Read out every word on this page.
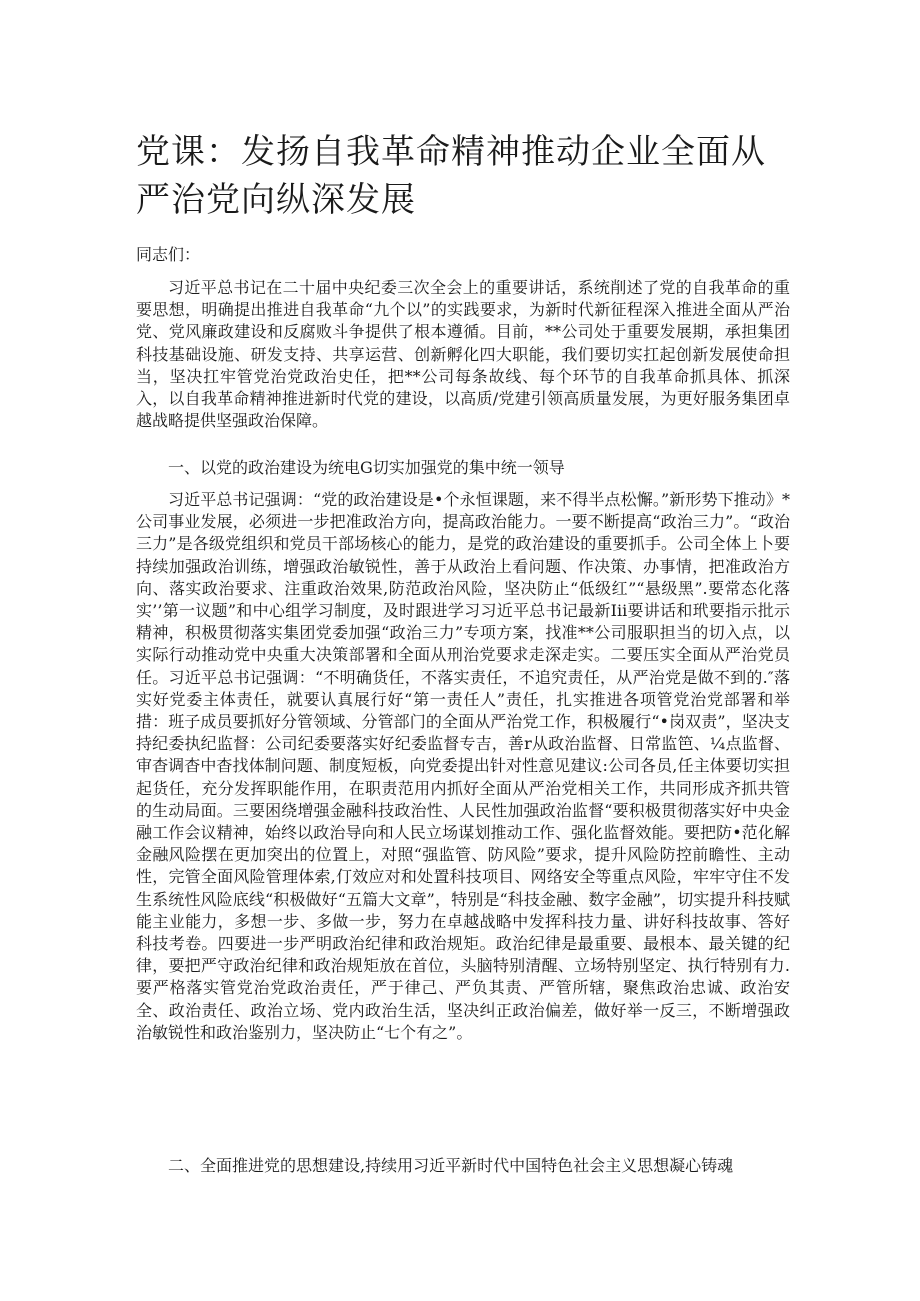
党课：发扬自我革命精神推动企业全面从严治党向纵深发展

同志们：

习近平总书记在二十届中央纪委三次全会上的重要讲话，系统削述了党的自我革命的重要思想，明确提出推进自我革命“九个以”的实践要求，为新时代新征程深入推进全面从严治党、党风廉政建设和反腐败斗争提供了根本遵循。目前，**公司处于重要发展期，承担集团科技基础设施、研发支持、共享运营、创新孵化四大职能，我们要切实扛起创新发展使命担当，坚决扛牢管党治党政治史任，把**公司每条故线、每个环节的自我革命抓具体、抓深入，以自我革命精神推进新时代党的建设，以高质/党建引领高质量发展，为更好服务集团卓越战略提供坚强政治保障。

一、以党的政治建设为统电G切实加强党的集中统一领导

习近平总书记强调：“党的政治建设是•个永恒课题，来不得半点松懈。”新形势下推动》*公司事业发展，必须进一步把准政治方向，提高政治能力。一要不断提高“政治三力”。“政治三力”是各级党组织和党员干部场核心的能力，是党的政治建设的重要抓手。公司全体上卜要持续加强政治训练，增强政治敏锐性，善于从政治上看问题、作决策、办事情，把准政治方向、落实政治要求、注重政治效果,防范政治风险，坚决防止“低级红”“悬级黑”.要常态化落实’’第一议题”和中心组学习制度，及时跟进学习习近平总书记最新Iii要讲话和玳要指示批示精神，积极贯彻落实集团党委加强“政治三力”专项方案，找准**公司服职担当的切入点，以实际行动推动党中央重大决策部署和全面从刑治党要求走深走实。二要压实全面从严治党员任。习近平总书记强调：“不明确货任，不落实责任，不追究责任，从严治党是做不到的.″落实好党委主体责任，就要认真展行好“第一责任人”责任，扎实推进各项管党治党部署和举措：班子成员要抓好分管领域、分管部门的全面从严治党工作，积极履行“•岗双责”，坚决支持纪委执纪监督：公司纪委要落实好纪委监督专吉，善r从政治监督、日常监笆、¼点监督、审杳调杳中杳找体制问题、制度短板，向党委提出针对性意见建议:公司各员,任主体要切实担起货任，充分发挥职能作用，在职责范用内抓好全面从严治党相关工作，共同形成齐抓共管的生动局面。三要困绕增强金融科技政治性、人民性加强政治监督“要积极贯彻落实好中央金融工作会议精神，始终以政治导向和人民立场谋划推动工作、强化监督效能。要把防•范化解金融风险摆在更加突出的位置上，对照“强监管、防风险”要求，提升风险防控前瞻性、主动性，完管全面风险管理体索,仃效应对和处置科技项目、网络安全等重点风险，牢牢守住不发生系统性风险底线“积极做好“五篇大文章”，特别是“科技金融、数字金融”，切实提升科技赋能主业能力，多想一步、多做一步，努力在卓越战略中发挥科技力量、讲好科技故事、答好科技考卷。四要进一步严明政治纪律和政治规矩。政治纪律是最重要、最根本、最关键的纪律，要把严守政治纪律和政治规矩放在首位，头脑特别清醒、立场特别坚定、执行特别有力.要严格落实管党治党政治责任，严于律己、严负其责、严管所辖，聚焦政治忠诚、政治安全、政治责任、政治立场、党内政治生活，坚决纠正政治偏差，做好举一反三，不断增强政治敏锐性和政治鉴别力，坚决防止“七个有之”。

二、全面推进党的思想建设,持续用习近平新时代中国特色社会主义思想凝心铸魂
